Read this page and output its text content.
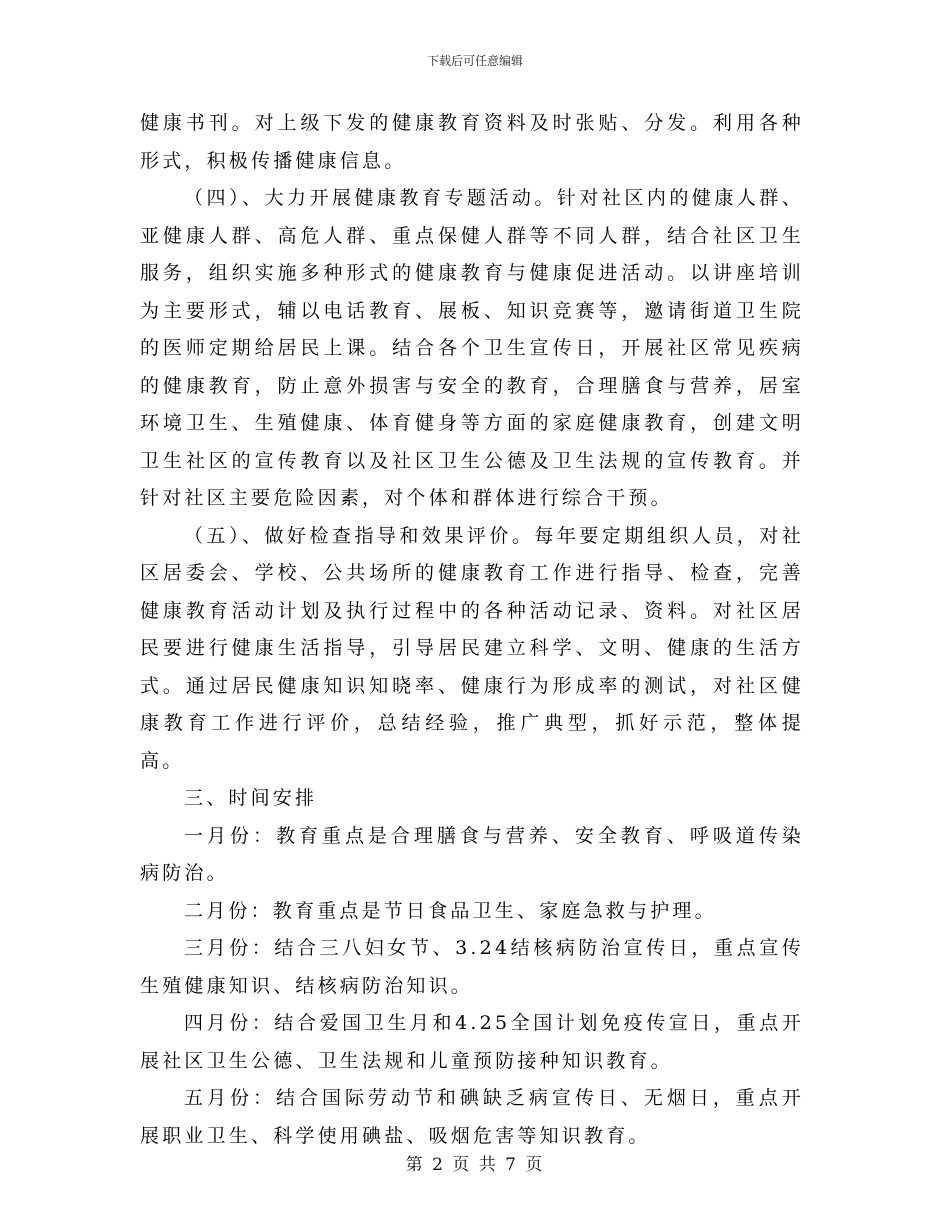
下载后可任意编辑

健康书刊。对上级下发的健康教育资料及时张贴、分发。利用各种形式，积极传播健康信息。

（四）、大力开展健康教育专题活动。针对社区内的健康人群、亚健康人群、高危人群、重点保健人群等不同人群，结合社区卫生服务，组织实施多种形式的健康教育与健康促进活动。以讲座培训为主要形式，辅以电话教育、展板、知识竞赛等，邀请街道卫生院的医师定期给居民上课。结合各个卫生宣传日，开展社区常见疾病的健康教育，防止意外损害与安全的教育，合理膳食与营养，居室环境卫生、生殖健康、体育健身等方面的家庭健康教育，创建文明卫生社区的宣传教育以及社区卫生公德及卫生法规的宣传教育。并针对社区主要危险因素，对个体和群体进行综合干预。

（五）、做好检查指导和效果评价。每年要定期组织人员，对社区居委会、学校、公共场所的健康教育工作进行指导、检查，完善健康教育活动计划及执行过程中的各种活动记录、资料。对社区居民要进行健康生活指导，引导居民建立科学、文明、健康的生活方式。通过居民健康知识知晓率、健康行为形成率的测试，对社区健康教育工作进行评价，总结经验，推广典型，抓好示范，整体提高。

三、时间安排

一月份：教育重点是合理膳食与营养、安全教育、呼吸道传染病防治。

二月份：教育重点是节日食品卫生、家庭急救与护理。

三月份：结合三八妇女节、3.24结核病防治宣传日，重点宣传生殖健康知识、结核病防治知识。

四月份：结合爱国卫生月和4.25全国计划免疫传宣日，重点开展社区卫生公德、卫生法规和儿童预防接种知识教育。

五月份：结合国际劳动节和碘缺乏病宣传日、无烟日，重点开展职业卫生、科学使用碘盐、吸烟危害等知识教育。

第 2 页 共 7 页
